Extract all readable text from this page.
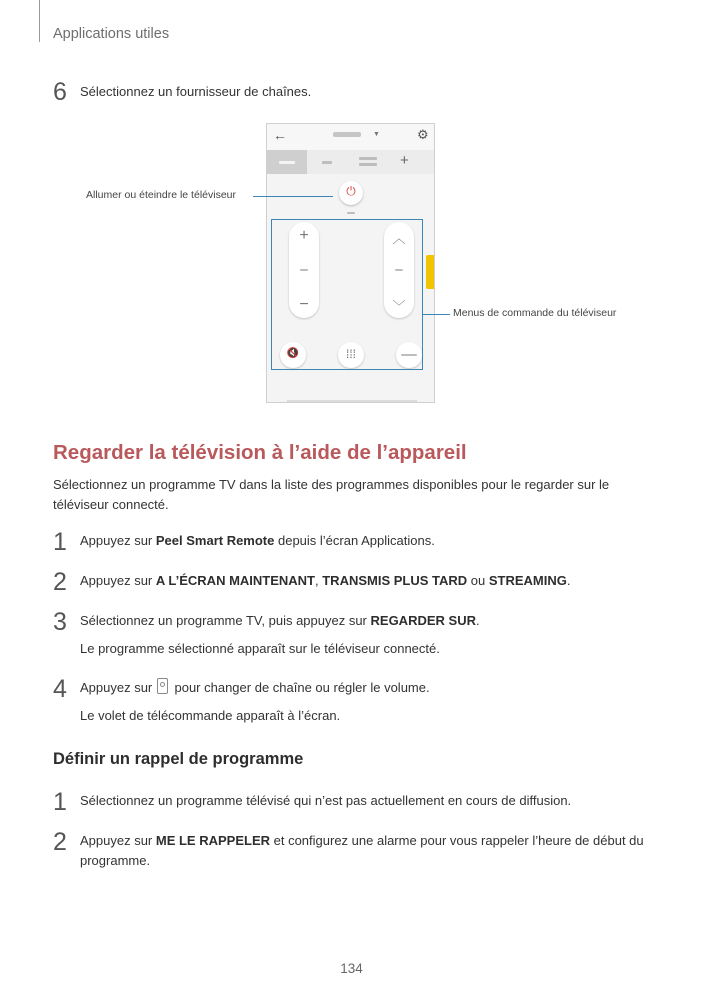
Applications utiles
6 Sélectionnez un fournisseur de chaînes.
←	▼	⚙
+
⏻
+
−
︿
﹀
🔇	⁞⁞⁞
Allumer ou éteindre le téléviseur
Menus de commande du téléviseur
Regarder la télévision à l’aide de l’appareil
Sélectionnez un programme TV dans la liste des programmes disponibles pour le regarder sur le téléviseur connecté.
1 Appuyez sur Peel Smart Remote depuis l’écran Applications.
2 Appuyez sur A L’ÉCRAN MAINTENANT, TRANSMIS PLUS TARD ou STREAMING.
3 Sélectionnez un programme TV, puis appuyez sur REGARDER SUR.
Le programme sélectionné apparaît sur le téléviseur connecté.
4 Appuyez sur
pour changer de chaîne ou régler le volume.
Le volet de télécommande apparaît à l’écran.
Définir un rappel de programme
1 Sélectionnez un programme télévisé qui n’est pas actuellement en cours de diffusion.
2 Appuyez sur ME LE RAPPELER et configurez une alarme pour vous rappeler l’heure de début du programme.
134
